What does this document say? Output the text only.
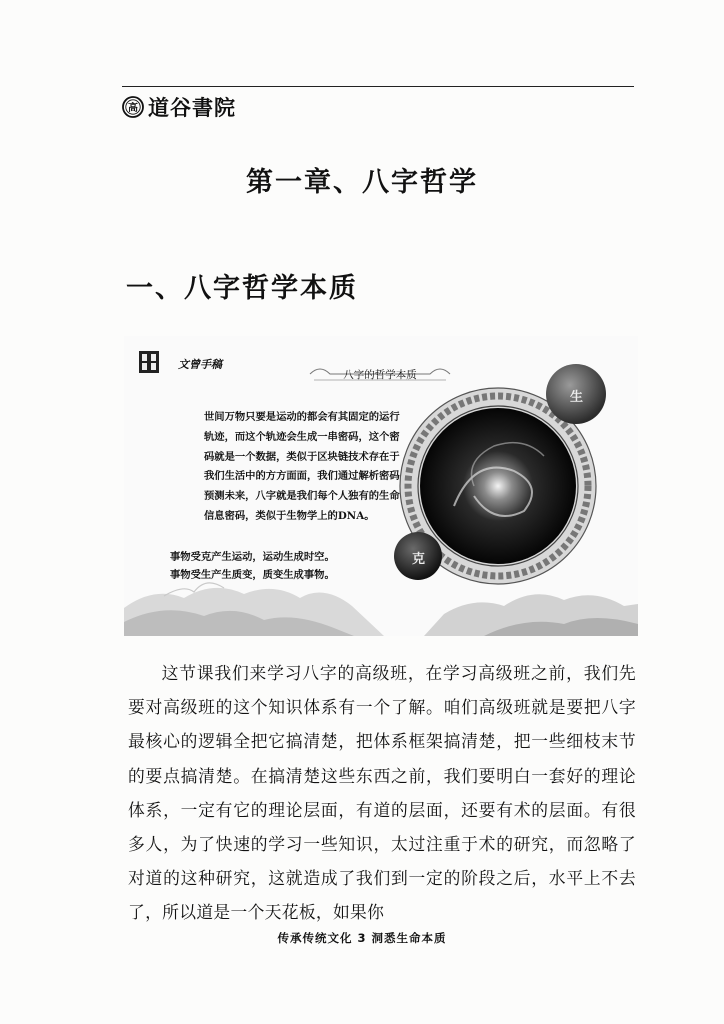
高 道谷書院
第一章、八字哲学
一、八字哲学本质
文曾手稿
八字的哲学本质

世间万物只要是运动的都会有其固定的运行轨迹，而这个轨迹会生成一串密码，这个密码就是一个数据，类似于区块链技术存在于我们生活中的方方面面，我们通过解析密码预测未来，八字就是我们每个人独有的生命信息密码，类似于生物学上的DNA。

事物受克产生运动，运动生成时空。
事物受生产生质变，质变生成事物。
生
克

这节课我们来学习八字的高级班，在学习高级班之前，我们先要对高级班的这个知识体系有一个了解。咱们高级班就是要把八字最核心的逻辑全把它搞清楚，把体系框架搞清楚，把一些细枝末节的要点搞清楚。在搞清楚这些东西之前，我们要明白一套好的理论体系，一定有它的理论层面，有道的层面，还要有术的层面。有很多人，为了快速的学习一些知识，太过注重于术的研究，而忽略了对道的这种研究，这就造成了我们到一定的阶段之后，水平上不去了，所以道是一个天花板，如果你

传承传统文化 3 洞悉生命本质
